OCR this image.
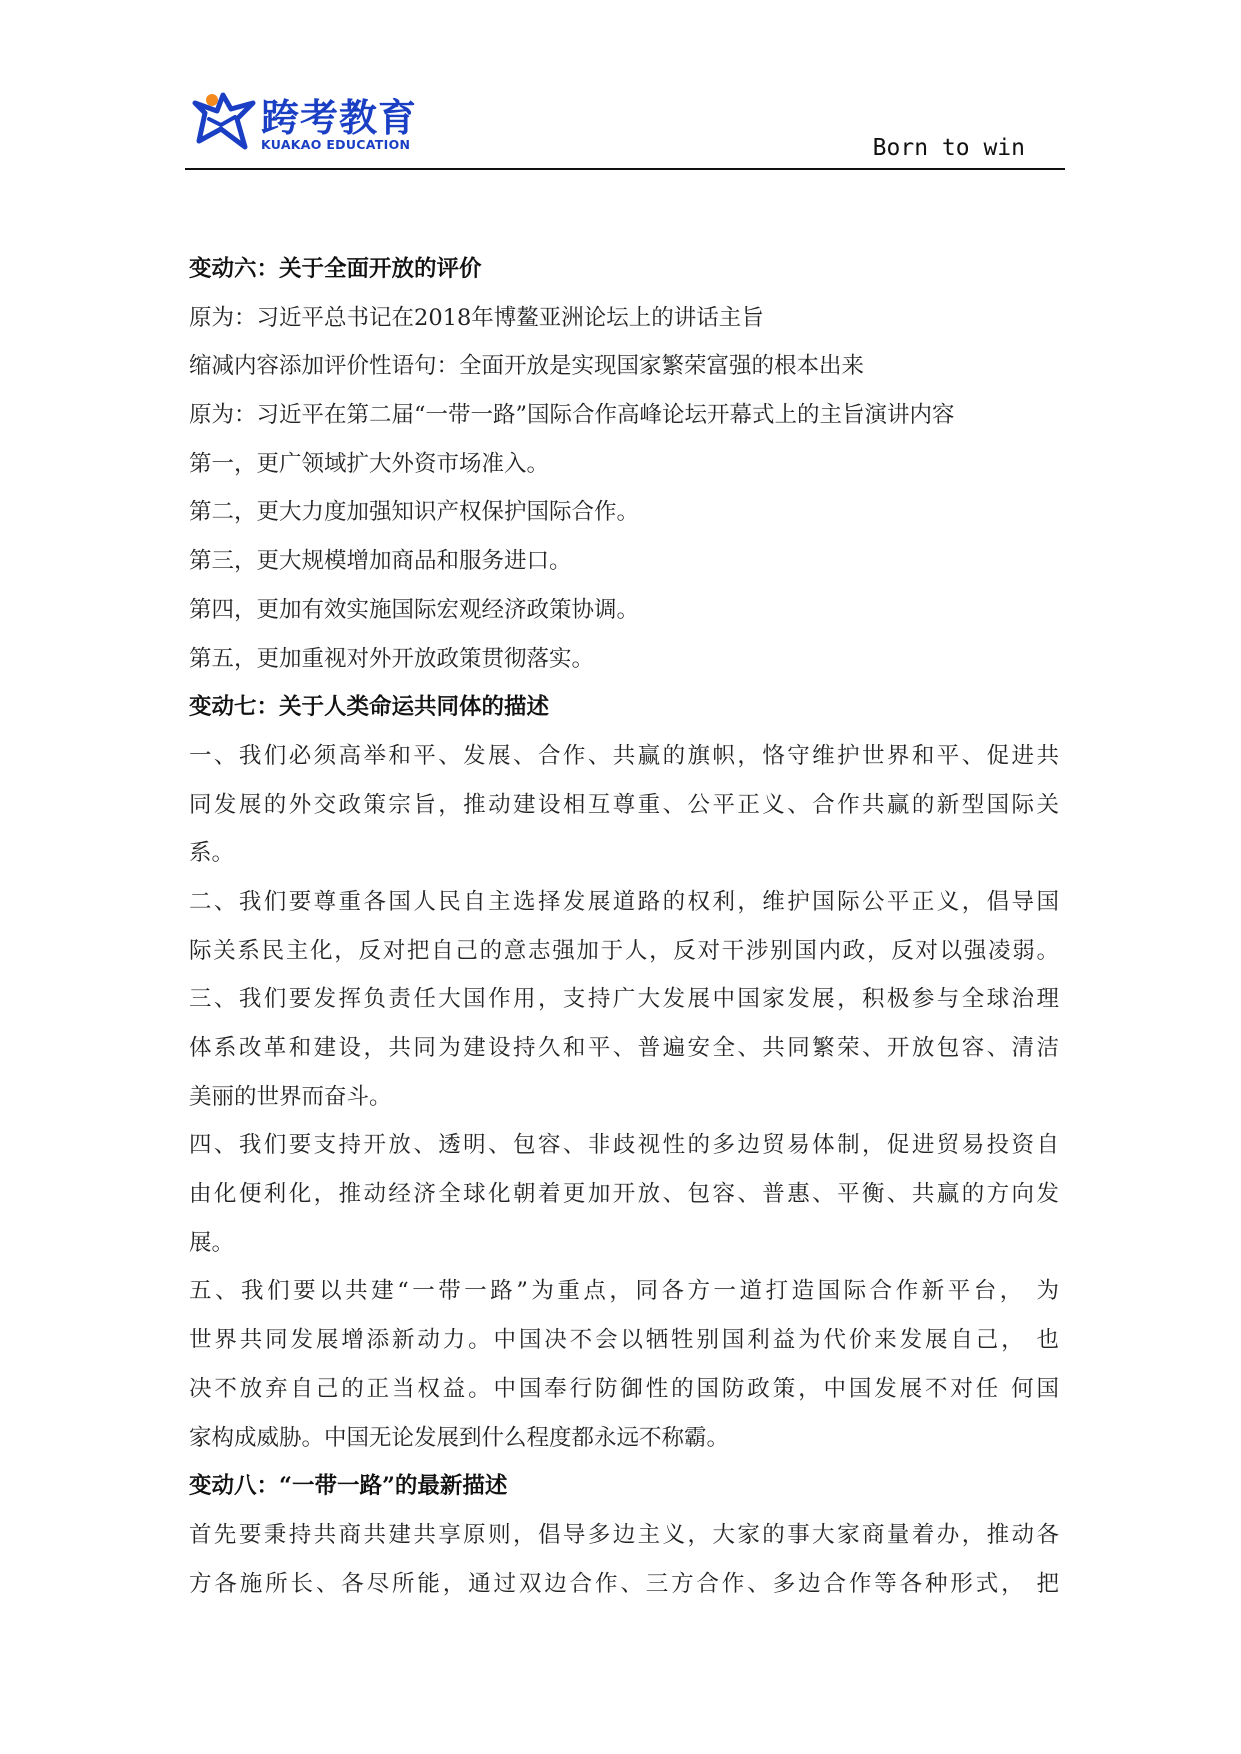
跨考教育
KUAKAO EDUCATION	Born to win
变动六：关于全面开放的评价
原为：习近平总书记在2018年博鳌亚洲论坛上的讲话主旨
缩减内容添加评价性语句：全面开放是实现国家繁荣富强的根本出来
原为：习近平在第二届“一带一路”国际合作高峰论坛开幕式上的主旨演讲内容
第一，更广领域扩大外资市场准入。
第二，更大力度加强知识产权保护国际合作。
第三，更大规模增加商品和服务进口。
第四，更加有效实施国际宏观经济政策协调。
第五，更加重视对外开放政策贯彻落实。
变动七：关于人类命运共同体的描述
一、我们必须高举和平、发展、合作、共赢的旗帜，恪守维护世界和平、促进共
同发展的外交政策宗旨，推动建设相互尊重、公平正义、合作共赢的新型国际关
系。
二、我们要尊重各国人民自主选择发展道路的权利，维护国际公平正义，倡导国
际关系民主化，反对把自己的意志强加于人，反对干涉别国内政，反对以强凌弱。
三、我们要发挥负责任大国作用，支持广大发展中国家发展，积极参与全球治理
体系改革和建设，共同为建设持久和平、普遍安全、共同繁荣、开放包容、清洁
美丽的世界而奋斗。
四、我们要支持开放、透明、包容、非歧视性的多边贸易体制，促进贸易投资自
由化便利化，推动经济全球化朝着更加开放、包容、普惠、平衡、共赢的方向发
展。
五、我们要以共建“一带一路”为重点，同各方一道打造国际合作新平台， 为
世界共同发展增添新动力。中国决不会以牺牲别国利益为代价来发展自己， 也
决不放弃自己的正当权益。中国奉行防御性的国防政策，中国发展不对任 何国
家构成威胁。中国无论发展到什么程度都永远不称霸。
变动八：“一带一路”的最新描述
首先要秉持共商共建共享原则，倡导多边主义，大家的事大家商量着办，推动各
方各施所长、各尽所能，通过双边合作、三方合作、多边合作等各种形式， 把
